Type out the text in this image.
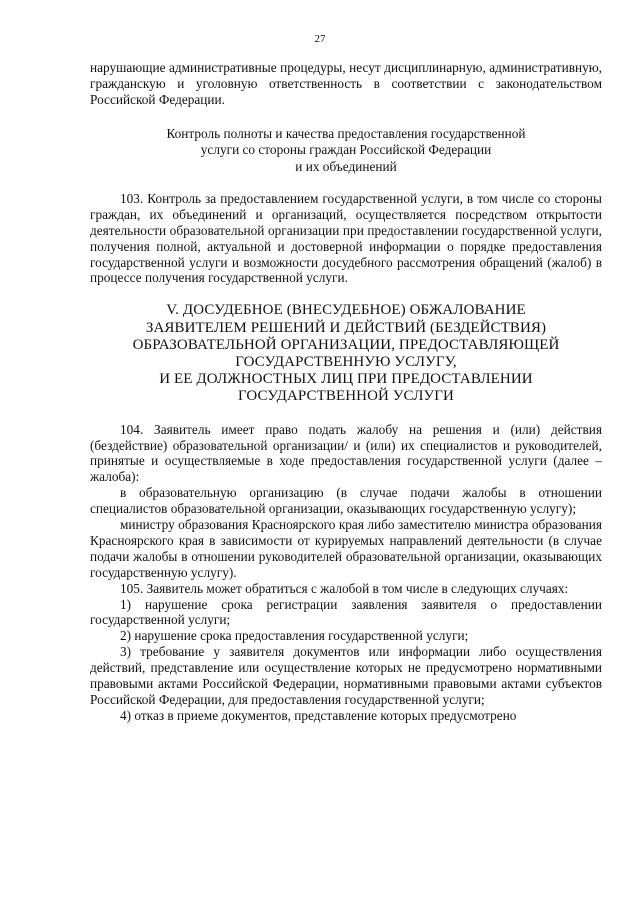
27

нарушающие административные процедуры, несут дисциплинарную, административную, гражданскую и уголовную ответственность в соответствии с законодательством Российской Федерации.

Контроль полноты и качества предоставления государственной
услуги со стороны граждан Российской Федерации
и их объединений

103. Контроль за предоставлением государственной услуги, в том числе со стороны граждан, их объединений и организаций, осуществляется посредством открытости деятельности образовательной организации при предоставлении государственной услуги, получения полной, актуальной и достоверной информации о порядке предоставления государственной услуги и возможности досудебного рассмотрения обращений (жалоб) в процессе получения государственной услуги.

V. ДОСУДЕБНОЕ (ВНЕСУДЕБНОЕ) ОБЖАЛОВАНИЕ
ЗАЯВИТЕЛЕМ РЕШЕНИЙ И ДЕЙСТВИЙ (БЕЗДЕЙСТВИЯ)
ОБРАЗОВАТЕЛЬНОЙ ОРГАНИЗАЦИИ, ПРЕДОСТАВЛЯЮЩЕЙ
ГОСУДАРСТВЕННУЮ УСЛУГУ,
И ЕЕ ДОЛЖНОСТНЫХ ЛИЦ ПРИ ПРЕДОСТАВЛЕНИИ
ГОСУДАРСТВЕННОЙ УСЛУГИ

104. Заявитель имеет право подать жалобу на решения и (или) действия (бездействие) образовательной организации/ и (или) их специалистов и руководителей, принятые и осуществляемые в ходе предоставления государственной услуги (далее – жалоба):

в образовательную организацию (в случае подачи жалобы в отношении специалистов образовательной организации, оказывающих государственную услугу);

министру образования Красноярского края либо заместителю министра образования Красноярского края в зависимости от курируемых направлений деятельности (в случае подачи жалобы в отношении руководителей образовательной организации, оказывающих государственную услугу).

105. Заявитель может обратиться с жалобой в том числе в следующих случаях:

1) нарушение срока регистрации заявления заявителя о предоставлении государственной услуги;

2) нарушение срока предоставления государственной услуги;

3) требование у заявителя документов или информации либо осуществления действий, представление или осуществление которых не предусмотрено нормативными правовыми актами Российской Федерации, нормативными правовыми актами субъектов Российской Федерации, для предоставления государственной услуги;

4) отказ в приеме документов, представление которых предусмотрено
